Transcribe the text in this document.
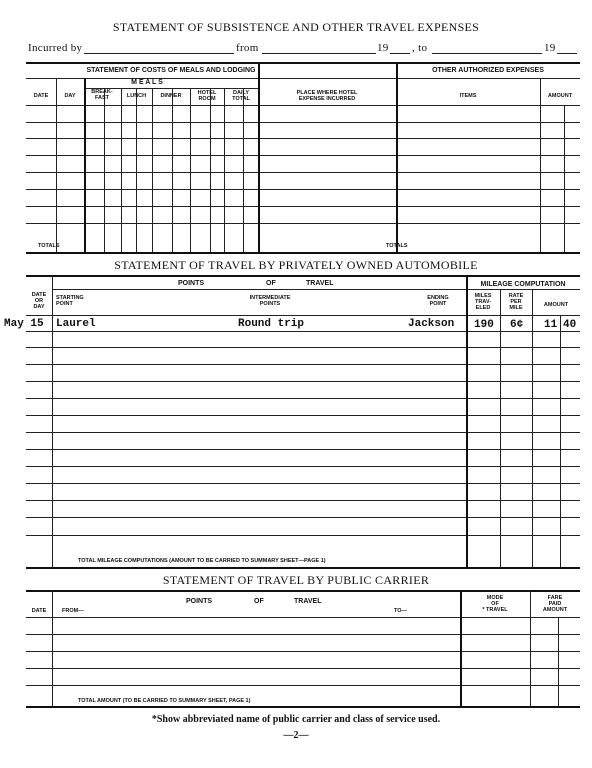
STATEMENT OF SUBSISTENCE AND OTHER TRAVEL EXPENSES
Incurred by	from	19 , to	19
STATEMENT OF COSTS OF MEALS AND LODGING	OTHER AUTHORIZED EXPENSES
M E A L S
DATE	DAY
BREAK-
FAST	LUNCH	DINNER	HOTEL
ROOM
DAILY
TOTAL
PLACE WHERE HOTEL
EXPENSE INCURRED	ITEMS	AMOUNT
TOTALS	TOTALS
STATEMENT OF TRAVEL BY PRIVATELY OWNED AUTOMOBILE
POINTS	OF	TRAVEL	MILEAGE COMPUTATION
DATE
OR
DAY
STARTING
POINT
INTERMEDIATE
POINTS
ENDING
POINT
MILES
TRAV-
ELED
RATE
PER
MILE	AMOUNT
May 15 Laurel	Round trip	Jackson 190 6¢ 11 40
TOTAL MILEAGE COMPUTATIONS (AMOUNT TO BE CARRIED TO SUMMARY SHEET—PAGE 1)
STATEMENT OF TRAVEL BY PUBLIC CARRIER
POINTS	OF	TRAVEL
DATE	FROM—	TO—
MODE
OF
* TRAVEL
FARE
PAID
AMOUNT
TOTAL AMOUNT (TO BE CARRIED TO SUMMARY SHEET, PAGE 1)
*Show abbreviated name of public carrier and class of service used.
—2—
